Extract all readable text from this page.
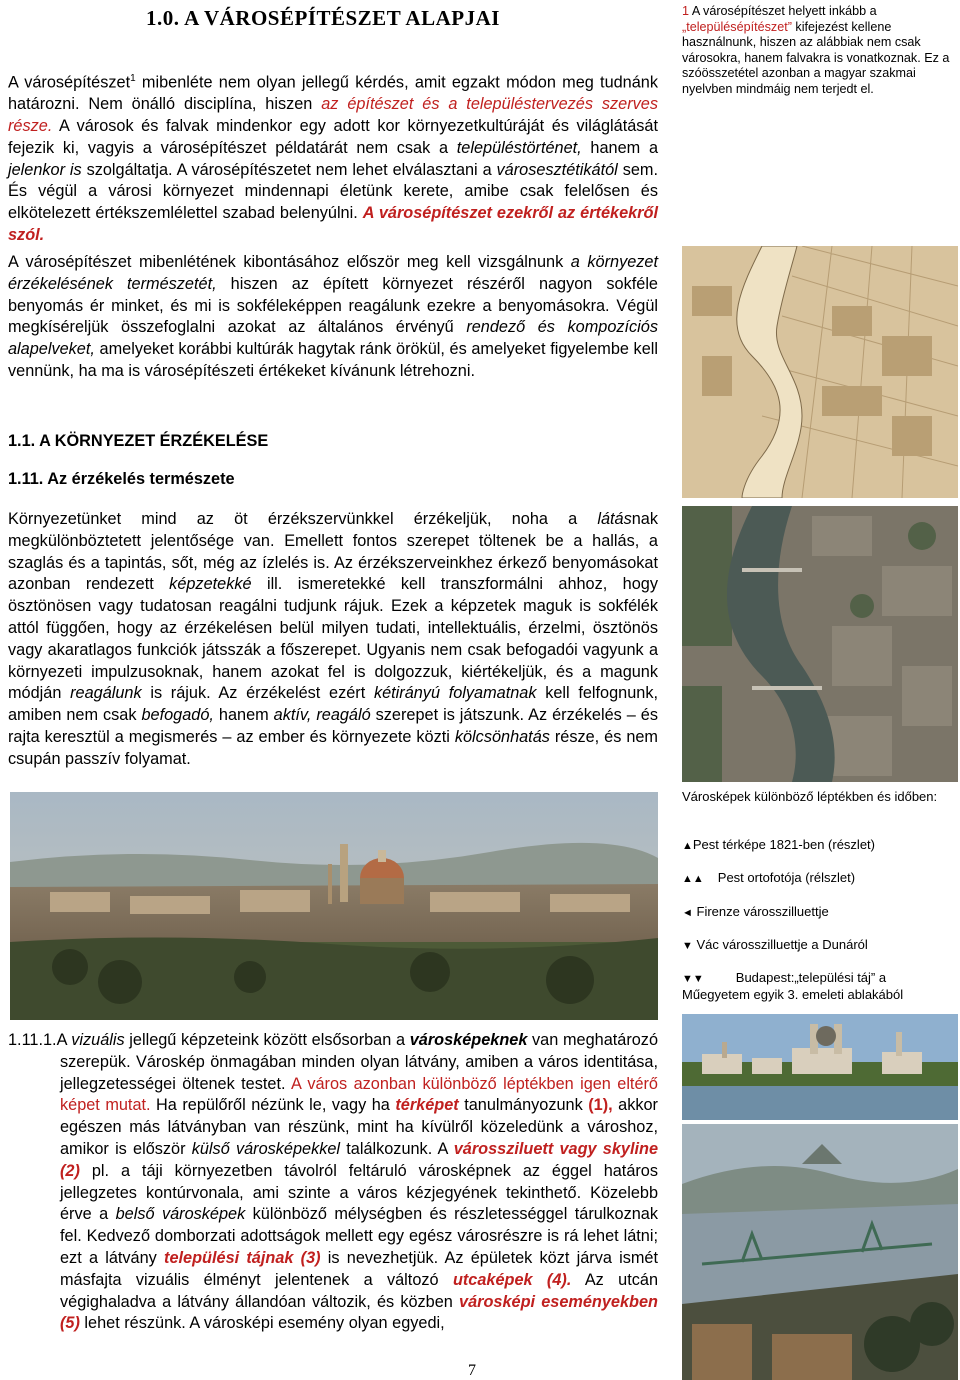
1.0. A VÁROSÉPÍTÉSZET ALAPJAI

A városépítészet$^1$ mibenléte nem olyan jellegű kérdés, amit egzakt módon meg tudnánk határozni. Nem önálló disciplína, hiszen az építészet és a településtervezés szerves része. A városok és falvak mindenkor egy adott kor környezetkultúráját és világlátását fejezik ki, vagyis a városépítészet példatárát nem csak a településtörténet, hanem a jelenkor is szolgáltatja. A városépítészetet nem lehet elválasztani a városesztétikától sem. És végül a városi környezet mindennapi életünk kerete, amibe csak felelősen és elkötelezett értékszemlélettel szabad belenyúlni. A városépítészet ezekről az értékekről szól.

A városépítészet mibenlétének kibontásához először meg kell vizsgálnunk a környezet érzékelésének természetét, hiszen az épített környezet részéről nagyon sokféle benyomás ér minket, és mi is sokféleképpen reagálunk ezekre a benyomásokra. Végül megkíséreljük összefoglalni azokat az általános érvényű rendező és kompozíciós alapelveket, amelyeket korábbi kultúrák hagytak ránk örökül, és amelyeket figyelembe kell vennünk, ha ma is városépítészeti értékeket kívánunk létrehozni.

1.1. A KÖRNYEZET ÉRZÉKELÉSE
1.11. Az érzékelés természete

Környezetünket mind az öt érzékszervünkkel érzékeljük, noha a látásnak megkülönböztetett jelentősége van. Emellett fontos szerepet töltenek be a hallás, a szaglás és a tapintás, sőt, még az ízlelés is. Az érzékszerveinkhez érkező benyomásokat azonban rendezett képzetekké ill. ismeretekké kell transzformálni ahhoz, hogy ösztönösen vagy tudatosan reagálni tudjunk rájuk. Ezek a képzetek maguk is sokfélék attól függően, hogy az érzékelésen belül milyen tudati, intellektuális, érzelmi, ösztönös vagy akaratlagos funkciók játsszák a főszerepet. Ugyanis nem csak befogadói vagyunk a környezeti impulzusoknak, hanem azokat fel is dolgozzuk, kiértékeljük, és a magunk módján reagálunk is rájuk. Az érzékelést ezért kétirányú folyamatnak kell felfognunk, amiben nem csak befogadó, hanem aktív, reagáló szerepet is játszunk. Az érzékelés – és rajta keresztül a megismerés – az ember és környezete közti kölcsönhatás része, és nem csupán passzív folyamat.

1.11.1.A vizuális jellegű képzeteink között elsősorban a városképeknek van meghatározó szerepük. Városkép önmagában minden olyan látvány, amiben a város identitása, jellegzetességei öltenek testet. A város azonban különböző léptékben igen eltérő képet mutat. Ha repülőről nézünk le, vagy ha térképet tanulmányozunk (1), akkor egészen más látványban van részünk, mint ha kívülről közeledünk a városhoz, amikor is először külső városképekkel találkozunk. A várossziluett vagy skyline (2) pl. a táji környezetben távolról feltáruló városképnek az éggel határos jellegzetes kontúrvonala, ami szinte a város kézjegyének tekinthető. Közelebb érve a belső városképek különböző mélységben és részletességgel tárulkoznak fel. Kedvező domborzati adottságok mellett egy egész városrészre is rá lehet látni; ezt a látvány települési tájnak (3) is nevezhetjük. Az épületek közt járva ismét másfajta vizuális élményt jelentenek a változó utcaképek (4). Az utcán végighaladva a látvány állandóan változik, és közben városképi eseményekben (5) lehet részünk. A városképi esemény olyan egyedi,

7
1 A városépítészet helyett inkább a „településépítészet” kifejezést kellene használnunk, hiszen az alábbiak nem csak városokra, hanem falvakra is vonatkoznak. Ez a szóösszetétel azonban a magyar szakmai nyelvben mindmáig nem terjedt el.
Városképek különböző léptékben és időben:
▲Pest térképe 1821-ben (részlet)
▲▲ Pest ortofotója (rélszlet)
◄ Firenze városszilluettje
▼ Vác városszilluettje a Dunáról
▼▼ Budapest:„települési táj” a Műegyetem egyik 3. emeleti ablakából
